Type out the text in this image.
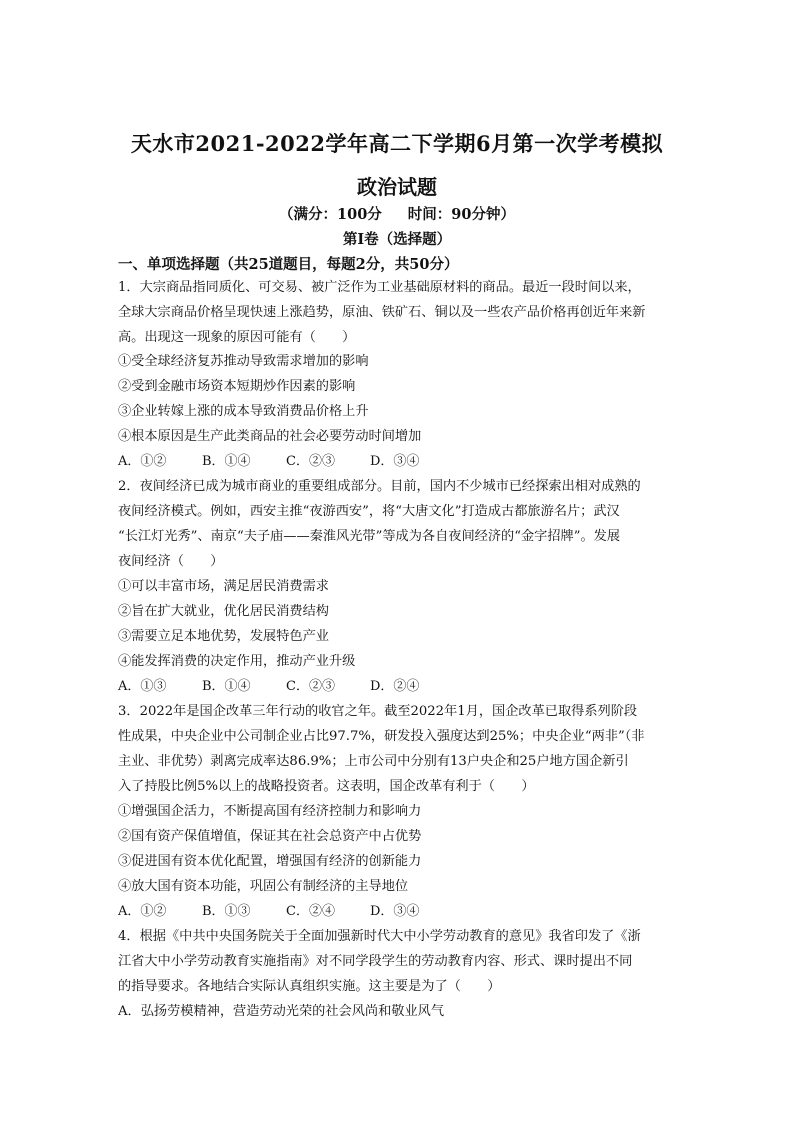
天水市2021-2022学年高二下学期6月第一次学考模拟
政治试题
（满分：100分 时间：90分钟）
第Ⅰ卷（选择题）
一、单项选择题（共25道题目，每题2分，共50分）
1．大宗商品指同质化、可交易、被广泛作为工业基础原材料的商品。最近一段时间以来，
全球大宗商品价格呈现快速上涨趋势，原油、铁矿石、铜以及一些农产品价格再创近年来新
高。出现这一现象的原因可能有（　　）
①受全球经济复苏推动导致需求增加的影响
②受到金融市场资本短期炒作因素的影响
③企业转嫁上涨的成本导致消费品价格上升
④根本原因是生产此类商品的社会必要劳动时间增加
A．①②	B．①④	C．②③	D．③④
2．夜间经济已成为城市商业的重要组成部分。目前，国内不少城市已经探索出相对成熟的
夜间经济模式。例如，西安主推“夜游西安”，将“大唐文化”打造成古都旅游名片；武汉
“长江灯光秀”、南京“夫子庙——秦淮风光带”等成为各自夜间经济的“金字招牌”。发展
夜间经济（　　）
①可以丰富市场，满足居民消费需求
②旨在扩大就业，优化居民消费结构
③需要立足本地优势，发展特色产业
④能发挥消费的决定作用，推动产业升级
A．①③	B．①④	C．②③	D．②④
3．2022年是国企改革三年行动的收官之年。截至2022年1月，国企改革已取得系列阶段
性成果，中央企业中公司制企业占比97.7%，研发投入强度达到25%；中央企业“两非”（非
主业、非优势）剥离完成率达86.9%；上市公司中分别有13户央企和25户地方国企新引
入了持股比例5%以上的战略投资者。这表明，国企改革有利于（　　）
①增强国企活力，不断提高国有经济控制力和影响力
②国有资产保值增值，保证其在社会总资产中占优势
③促进国有资本优化配置，增强国有经济的创新能力
④放大国有资本功能，巩固公有制经济的主导地位
A．①②	B．①③	C．②④	D．③④
4．根据《中共中央国务院关于全面加强新时代大中小学劳动教育的意见》我省印发了《浙
江省大中小学劳动教育实施指南》对不同学段学生的劳动教育内容、形式、课时提出不同
的指导要求。各地结合实际认真组织实施。这主要是为了（　　）
A．弘扬劳模精神，营造劳动光荣的社会风尚和敬业风气
